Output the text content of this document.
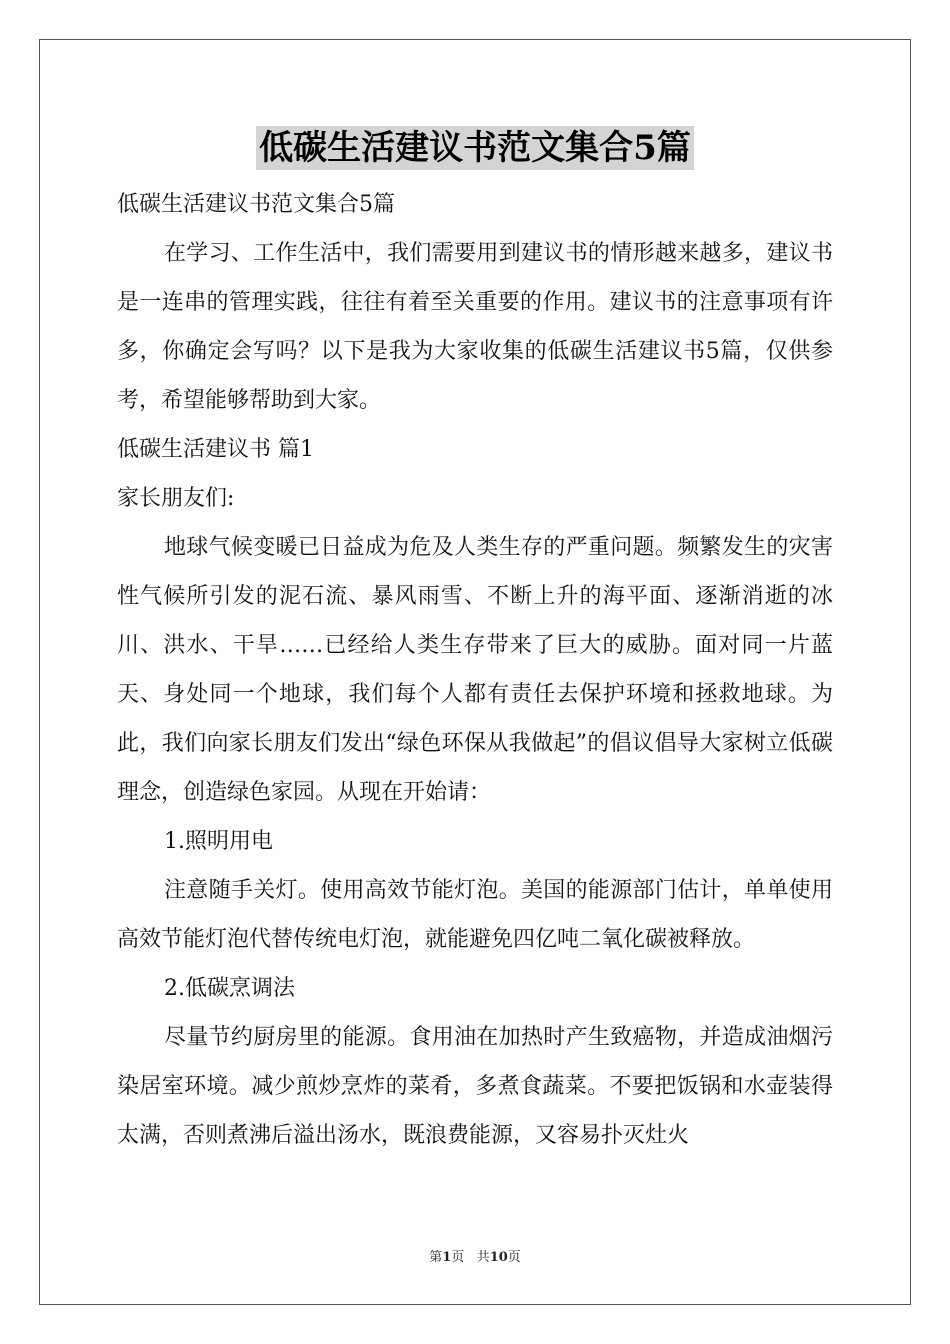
低碳生活建议书范文集合5篇

低碳生活建议书范文集合5篇

在学习、工作生活中，我们需要用到建议书的情形越来越多，建议书是一连串的管理实践，往往有着至关重要的作用。建议书的注意事项有许多，你确定会写吗？以下是我为大家收集的低碳生活建议书5篇，仅供参考，希望能够帮助到大家。

低碳生活建议书 篇1

家长朋友们:

地球气候变暖已日益成为危及人类生存的严重问题。频繁发生的灾害性气候所引发的泥石流、暴风雨雪、不断上升的海平面、逐渐消逝的冰川、洪水、干旱……已经给人类生存带来了巨大的威胁。面对同一片蓝天、身处同一个地球，我们每个人都有责任去保护环境和拯救地球。为此，我们向家长朋友们发出“绿色环保从我做起”的倡议倡导大家树立低碳理念，创造绿色家园。从现在开始请：

1.照明用电

注意随手关灯。使用高效节能灯泡。美国的能源部门估计，单单使用高效节能灯泡代替传统电灯泡，就能避免四亿吨二氧化碳被释放。

2.低碳烹调法

尽量节约厨房里的能源。食用油在加热时产生致癌物，并造成油烟污染居室环境。减少煎炒烹炸的菜肴，多煮食蔬菜。不要把饭锅和水壶装得太满，否则煮沸后溢出汤水，既浪费能源，又容易扑灭灶火

第1页 共10页
